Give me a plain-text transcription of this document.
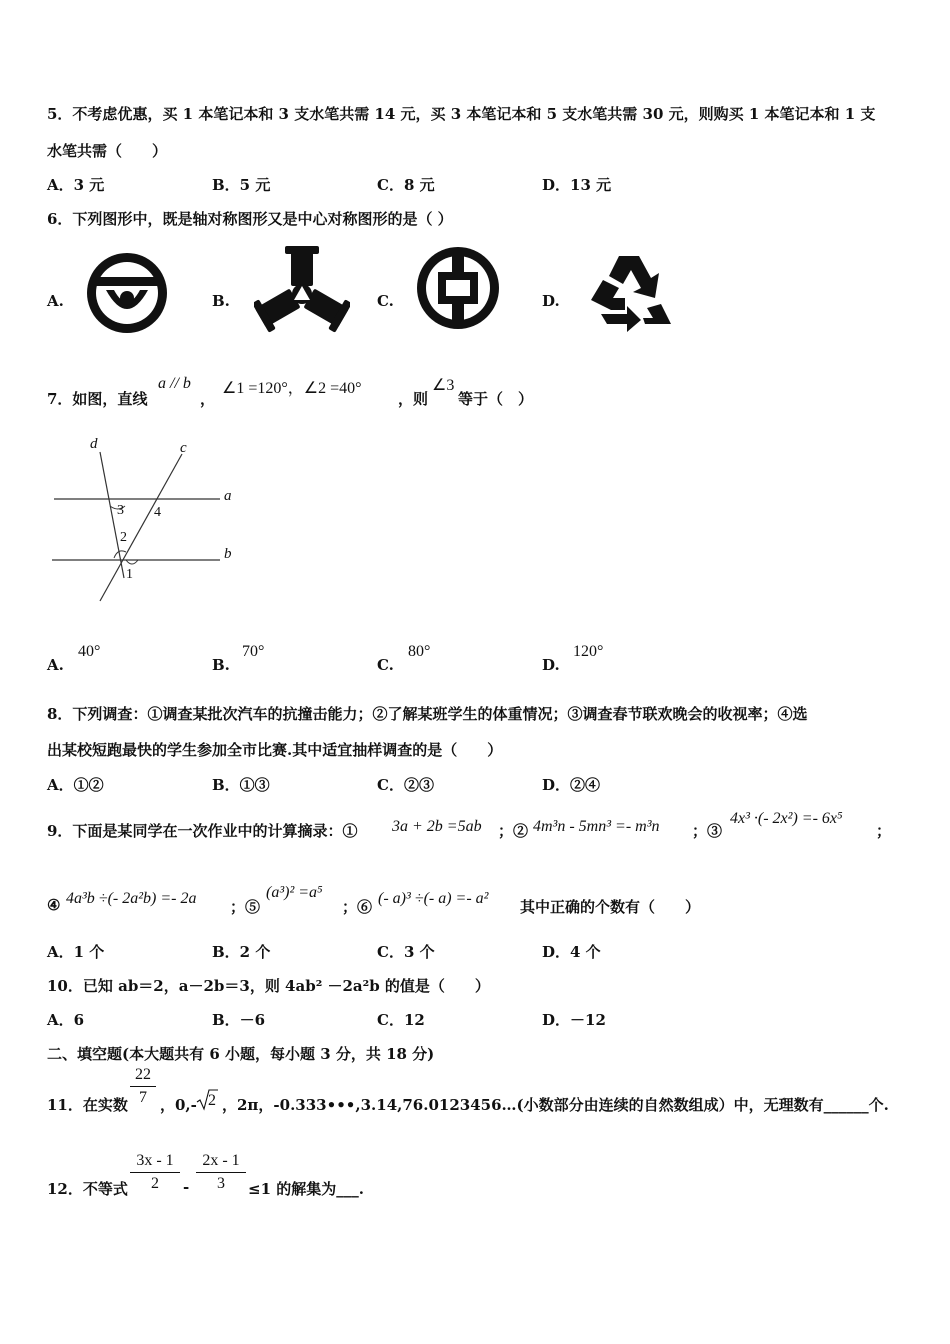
5．不考虑优惠，买 1 本笔记本和 3 支水笔共需 14 元，买 3 本笔记本和 5 支水笔共需 30 元，则购买 1 本笔记本和 1 支
水笔共需（　　）
A．3 元	B．5 元	C．8 元	D．13 元
6．下列图形中，既是轴对称图形又是中心对称图形的是（ ）
A.	B.	C.	D.
7．如图，直线
a // b
，
∠1 =120°，∠2 =40°
，则
∠3
等于（　）
d	c
a
b
3 4
2
1
A.
40°
B.
70°
C.
80°
D.
120°
8．下列调查：①调查某批次汽车的抗撞击能力；②了解某班学生的体重情况；③调查春节联欢晚会的收视率；④选
出某校短跑最快的学生参加全市比赛.其中适宜抽样调查的是（　　）
A．①②	B．①③	C．②③	D．②④
9．下面是某同学在一次作业中的计算摘录：① 3a + 2b =5ab ；② 4m³n - 5mn³ =- m³n ；③
4x³ ·(- 2x²) =- 6x⁵
；
④ 4a³b ÷(- 2a²b) =- 2a ；⑤
(a³)² =a⁵
；⑥ (- a)³ ÷(- a) =- a² 其中正确的个数有（　　）
A．1 个	B．2 个	C．3 个	D．4 个
10．已知 ab＝2，a－2b＝3，则 4ab² －2a²b 的值是（　　）
A．6	B．－6	C．12	D．－12
二、填空题(本大题共有 6 小题，每小题 3 分，共 18 分)
11．在实数 $\frac{22}{7}$ ，0,- 2 ，2π，-0.333•••,3.14,76.0123456…(小数部分由连续的自然数组成）中，无理数有______个.
12．不等式 $\frac{3x - 1}{2} - \frac{2x - 1}{3} \le 1$ 的解集为___.
